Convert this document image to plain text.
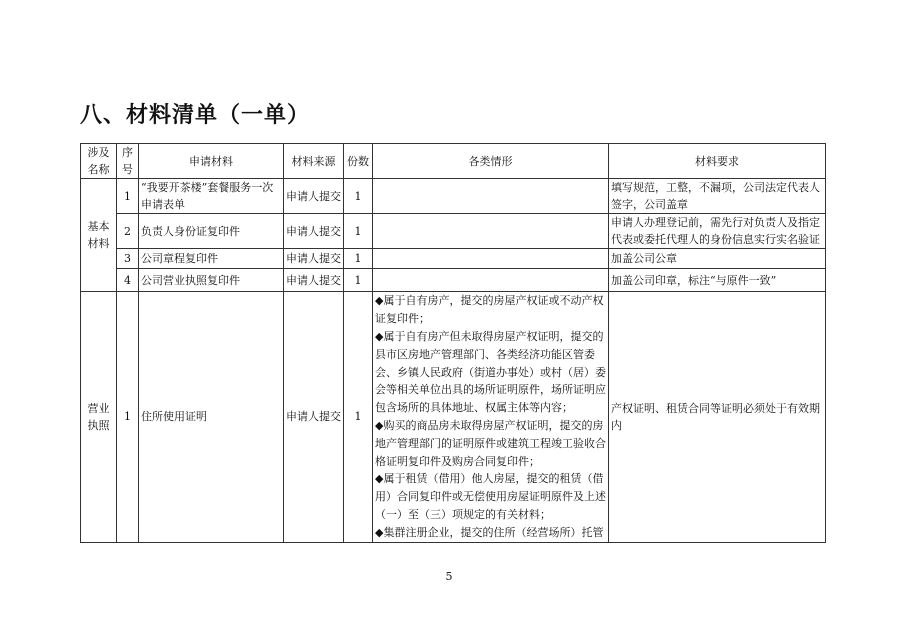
八、材料清单（一单）
涉及名称	序号	申请材料	材料来源	份数	各类情形	材料要求
基本材料	1	“我要开茶楼”套餐服务一次申请表单	申请人提交	1		填写规范，工整，不漏项，公司法定代表人签字，公司盖章
	2	负责人身份证复印件	申请人提交	1		申请人办理登记前，需先行对负责人及指定代表或委托代理人的身份信息实行实名验证
	3	公司章程复印件	申请人提交	1		加盖公司公章
	4	公司营业执照复印件	申请人提交	1		加盖公司印章，标注“与原件一致”
营业执照	1	住所使用证明	申请人提交	1	◆属于自有房产，提交的房屋产权证或不动产权证复印件；
◆属于自有房产但未取得房屋产权证明，提交的县市区房地产管理部门、各类经济功能区管委会、乡镇人民政府（街道办事处）或村（居）委会等相关单位出具的场所证明原件，场所证明应包含场所的具体地址、权属主体等内容；
◆购买的商品房未取得房屋产权证明，提交的房地产管理部门的证明原件或建筑工程竣工验收合格证明复印件及购房合同复印件；
◆属于租赁（借用）他人房屋，提交的租赁（借用）合同复印件或无偿使用房屋证明原件及上述（一）至（三）项规定的有关材料；
◆集群注册企业，提交的住所（经营场所）托管	产权证明、租赁合同等证明必须处于有效期内
5
